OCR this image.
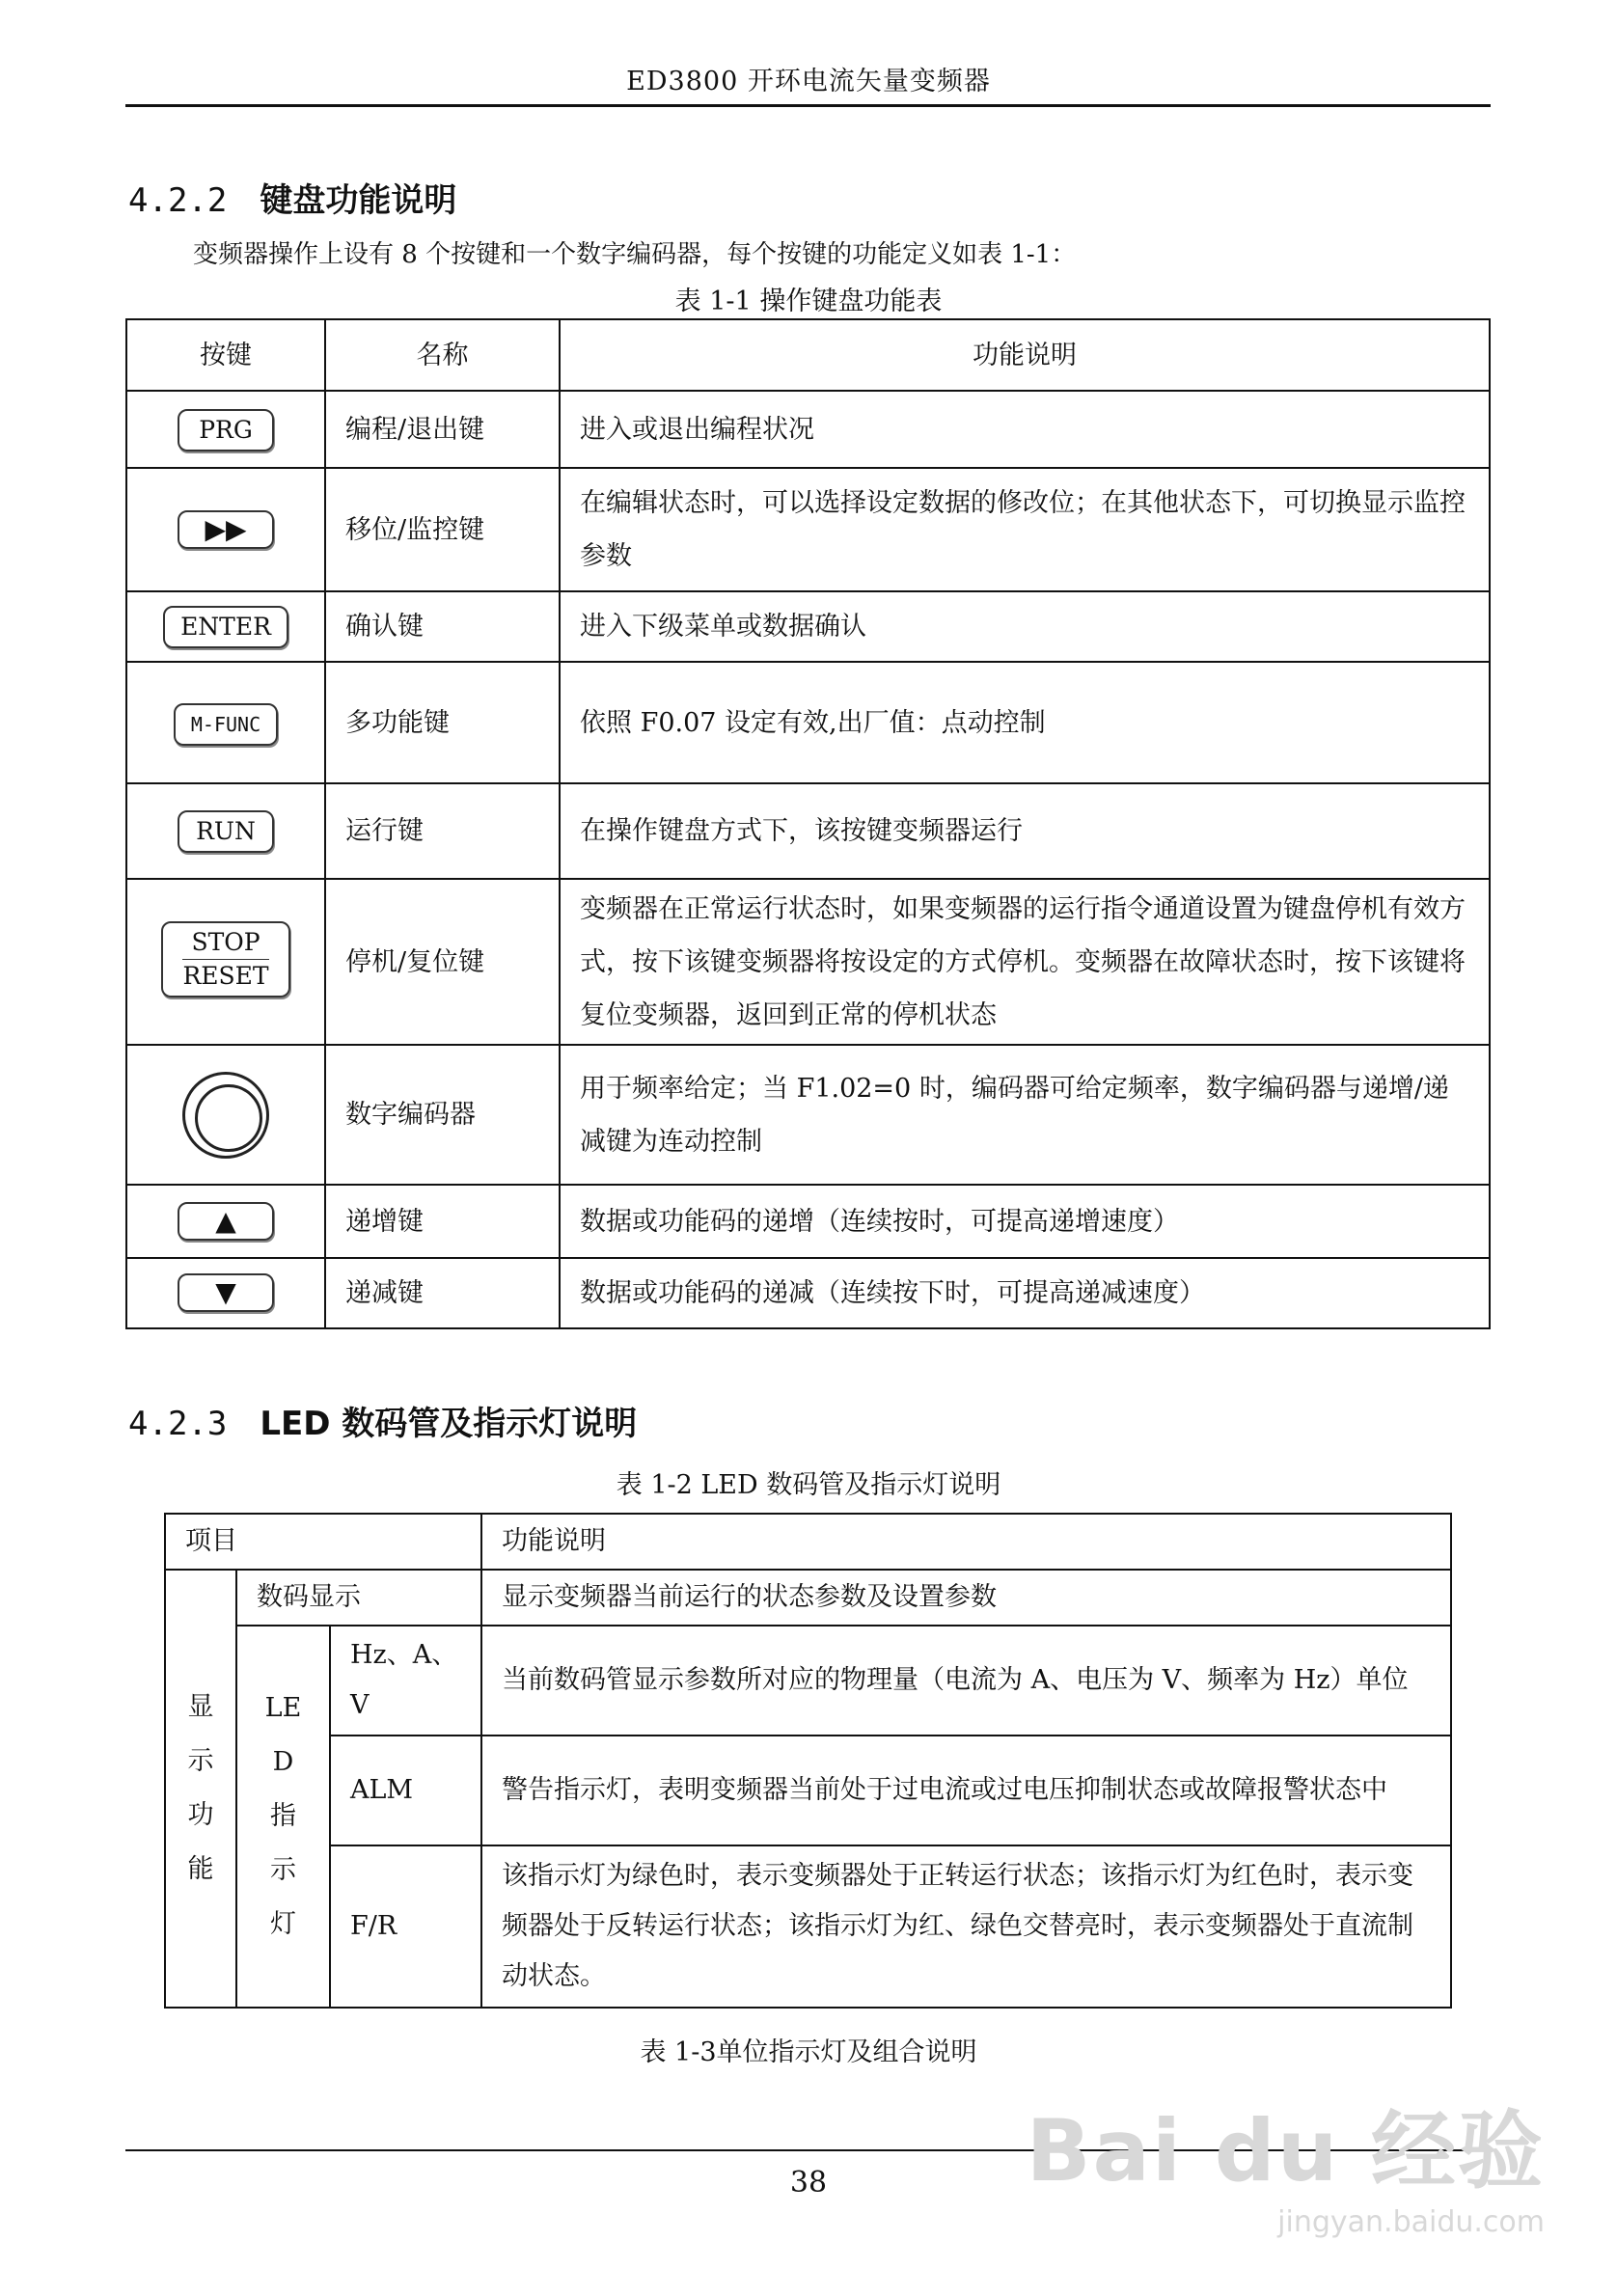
ED3800 开环电流矢量变频器
4.2.2 键盘功能说明
变频器操作上设有 8 个按键和一个数字编码器，每个按键的功能定义如表 1-1：
表 1-1 操作键盘功能表
按键	名称	功能说明
PRG	编程/退出键	进入或退出编程状况
▶▶	移位/监控键	在编辑状态时，可以选择设定数据的修改位；在其他状态下，可切换显示监控参数
ENTER	确认键	进入下级菜单或数据确认
M-FUNC	多功能键	依照 F0.07 设定有效,出厂值：点动控制
RUN	运行键	在操作键盘方式下，该按键变频器运行

STOP
RESET	停机/复位键	变频器在正常运行状态时，如果变频器的运行指令通道设置为键盘停机有效方式，按下该键变频器将按设定的方式停机。变频器在故障状态时，按下该键将复位变频器，返回到正常的停机状态

	数字编码器	用于频率给定；当 F1.02=0 时，编码器可给定频率，数字编码器与递增/递减键为连动控制
▲	递增键	数据或功能码的递增（连续按时，可提高递增速度）
▼	递减键	数据或功能码的递减（连续按下时，可提高递减速度）
4.2.3 LED 数码管及指示灯说明
表 1-2 LED 数码管及指示灯说明
项目			功能说明

显示功能	数码显示		显示变频器当前运行的状态参数及设置参数

	LED指示灯	Hz、A、V	当前数码管显示参数所对应的物理量（电流为 A、电压为 V、频率为 Hz）单位
		ALM	警告指示灯，表明变频器当前处于过电流或过电压抑制状态或故障报警状态中
		F/R	该指示灯为绿色时，表示变频器处于正转运行状态；该指示灯为红色时，表示变频器处于反转运行状态；该指示灯为红、绿色交替亮时，表示变频器处于直流制动状态。
表 1-3单位指示灯及组合说明
38	Bai du 经验
jingyan.baidu.com
